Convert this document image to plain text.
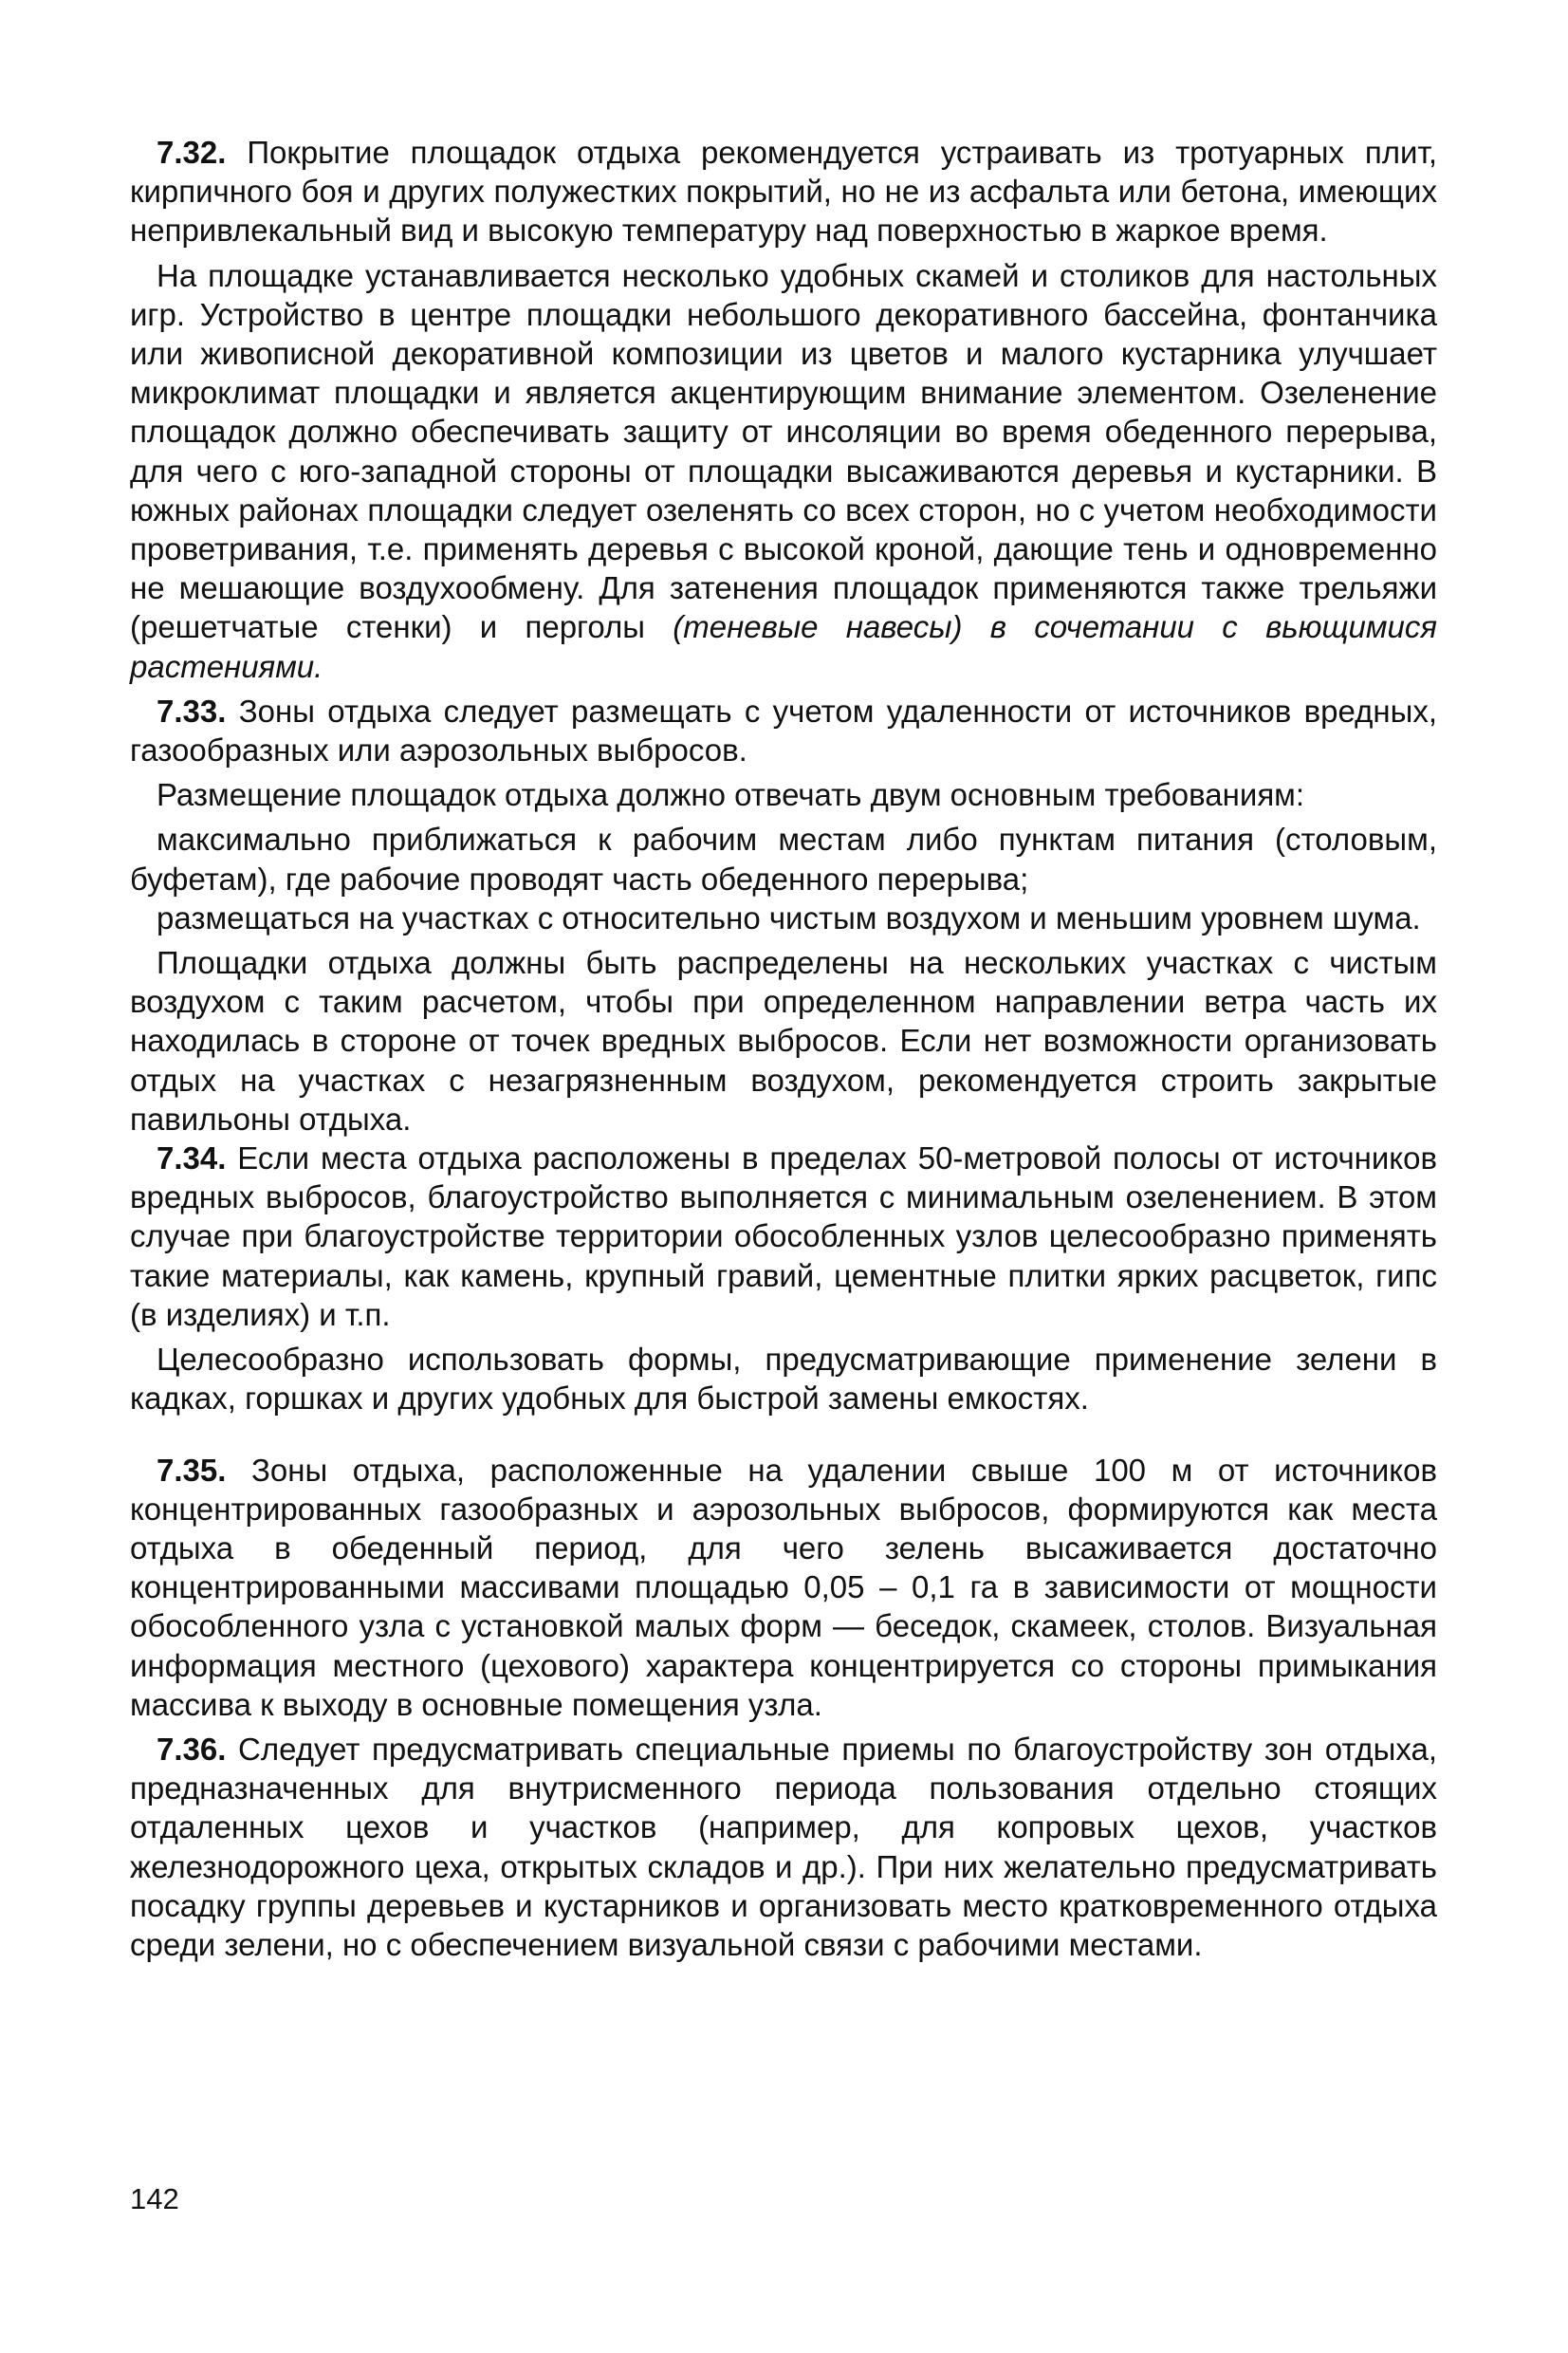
7.32. Покрытие площадок отдыха рекомендуется устраивать из тротуарных плит, кирпичного боя и других полужестких покрытий, но не из асфальта или бетона, имеющих непривлекальный вид и высокую температуру над поверхностью в жаркое время.

На площадке устанавливается несколько удобных скамей и столиков для настольных игр. Устройство в центре площадки небольшого декоративного бассейна, фонтанчика или живописной декоративной композиции из цветов и малого кустарника улучшает микроклимат площадки и является акцентирующим внимание элементом. Озеленение площадок должно обеспечивать защиту от инсоляции во время обеденного перерыва, для чего с юго-западной стороны от площадки высаживаются деревья и кустарники. В южных районах площадки следует озеленять со всех сторон, но с учетом необходимости проветривания, т.е. применять деревья с высокой кроной, дающие тень и одновременно не мешающие воздухообмену. Для затенения площадок применяются также трельяжи (решетчатые стенки) и перголы (теневые навесы) в сочетании с вьющимися растениями.

7.33. Зоны отдыха следует размещать с учетом удаленности от источников вредных, газообразных или аэрозольных выбросов.

Размещение площадок отдыха должно отвечать двум основным требованиям:

максимально приближаться к рабочим местам либо пунктам питания (столовым, буфетам), где рабочие проводят часть обеденного перерыва;

размещаться на участках с относительно чистым воздухом и меньшим уровнем шума.

Площадки отдыха должны быть распределены на нескольких участках с чистым воздухом с таким расчетом, чтобы при определенном направлении ветра часть их находилась в стороне от точек вредных выбросов. Если нет возможности организовать отдых на участках с незагрязненным воздухом, рекомендуется строить закрытые павильоны отдыха.

7.34. Если места отдыха расположены в пределах 50-метровой полосы от источников вредных выбросов, благоустройство выполняется с минимальным озеленением. В этом случае при благоустройстве территории обособленных узлов целесообразно применять такие материалы, как камень, крупный гравий, цементные плитки ярких расцветок, гипс (в изделиях) и т.п.

Целесообразно использовать формы, предусматривающие применение зелени в кадках, горшках и других удобных для быстрой замены емкостях.

7.35. Зоны отдыха, расположенные на удалении свыше 100 м от источников концентрированных газообразных и аэрозольных выбросов, формируются как места отдыха в обеденный период, для чего зелень высаживается достаточно концентрированными массивами площадью 0,05 – 0,1 га в зависимости от мощности обособленного узла с установкой малых форм — беседок, скамеек, столов. Визуальная информация местного (цехового) характера концентрируется со стороны примыкания массива к выходу в основные помещения узла.

7.36. Следует предусматривать специальные приемы по благоустройству зон отдыха, предназначенных для внутрисменного периода пользования отдельно стоящих отдаленных цехов и участков (например, для копровых цехов, участков железнодорожного цеха, открытых складов и др.). При них желательно предусматривать посадку группы деревьев и кустарников и организовать место кратковременного отдыха среди зелени, но с обеспечением визуальной связи с рабочими местами.

142
